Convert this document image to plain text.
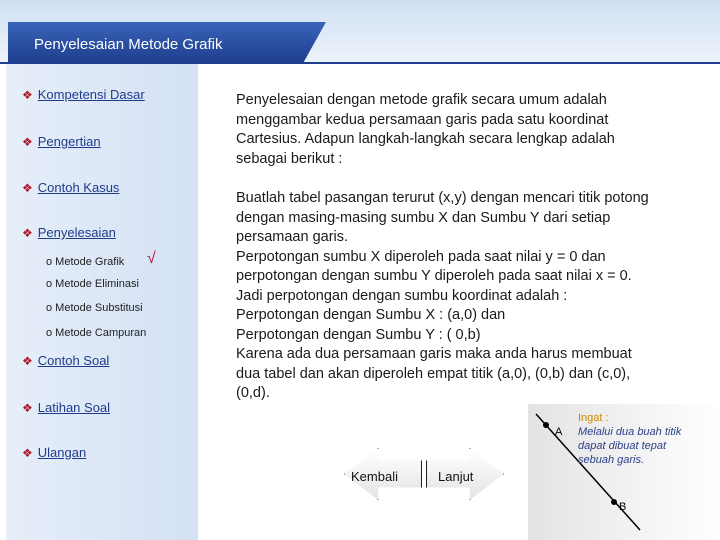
Penyelesaian Metode Grafik
❖ Kompetensi Dasar
❖ Pengertian
❖ Contoh Kasus
❖ Penyelesaian
o Metode Grafik √
o Metode Eliminasi
o Metode Substitusi
o Metode Campuran
❖ Contoh Soal
❖ Latihan Soal
❖ Ulangan
Penyelesaian dengan metode grafik secara umum adalah
menggambar kedua persamaan garis pada satu koordinat
Cartesius. Adapun langkah-langkah secara lengkap adalah
sebagai berikut :
Buatlah tabel pasangan terurut (x,y) dengan mencari titik potong
dengan masing-masing sumbu X dan Sumbu Y dari setiap
persamaan garis.
Perpotongan sumbu X diperoleh pada saat nilai y = 0 dan
perpotongan dengan sumbu Y diperoleh pada saat nilai x = 0.
Jadi perpotongan dengan sumbu koordinat adalah :
Perpotongan dengan Sumbu X : (a,0) dan
Perpotongan dengan Sumbu Y : ( 0,b)
Karena ada dua persamaan garis maka anda harus membuat
dua tabel dan akan diperoleh empat titik (a,0), (0,b) dan (c,0),
(0,d).
A
B
Ingat :
Melalui dua buah titik
dapat dibuat tepat
sebuah garis.
Kembali	Lanjut
